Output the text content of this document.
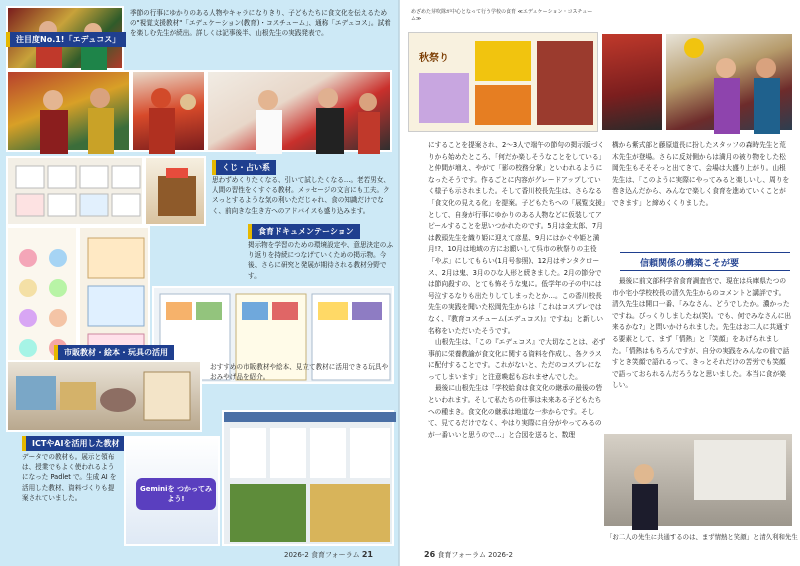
注目度No.1!「エデュコス」
季節の行事にゆかりのある人物やキャラになりきり、子どもたちに食文化を伝えるための"視覚支援教材"「エデュケーション(教育)・コスチューム」、通称「エデュコス」。試着を楽しむ先生が続出。詳しくは記事後半、山根先生の実践発表で。
くじ・占い系
思わずめくりたくなる、引いて試したくなる…。老若男女、人間の習性をくすぐる教材。メッセージの文言にも工夫。クスっとするような気の利いただじゃれ、食の知識だけでなく、前向きな生き方へのアドバイスも盛り込みます。
食育ドキュメンテーション
掲示物を学習のための環境設定や、意思決定のふり返りを持続につなげていくための掲示物。今後、さらに研究と発展が期待される教材分野です。
市販教材・絵本・玩具の活用
おすすめの市販教材や絵本、見立て教材に活用できる玩具やおみやげ品を紹介。
ICTやAIを活用した教材
データでの教材も。展示と領布は、授業でもよく使われるようになった Padlet で。生成 AI を活用した教材、資料づくりも提案されていました。
Geminiを つかってみよう!
2026-2 食育フォーラム 21
めざめた芽吹隊が中心となって行う学校の食育 ≪エデュケーション・コスチューム≫
秋祭り
にすることを提案され、2～3人で端午の節句の掲示版づくりから始めたところ、「何だか楽しそうなことをしている」と仲間が増え、やがて「影の校務分掌」といわれるようになったそうです。作るごとに内容がグレードアップしていく様子も示されました。そして香川校長先生は、さらなる「食文化の見える化」を提案。子どもたちへの「展覧支援」として、自身が行事にゆかりのある人物などに仮装してアピールすることを思いつかれたのです。5月は金太郎、7月は教頭先生を織り姫に迎えて彦星、9月にはかぐや姫と満月!?、10月は地域の方にお願いして呉市の秋祭りの主役「やぶ」にしてもらい(1月号参照)、12月はサンタクロース、2月は鬼、3月のひな人形と続きました。2月の節分では節向殺すの、とても怖そうな鬼に。低学年の子の中には号泣するなりも出たりしてしまったとか…。この香川校長先生の実践を聞いた松岡先生からは「これはコスプレではなく、『教育コスチューム(エデュコス)』ですね」と新しい名称をいただいたそうです。
山根先生は、「この『エデュコス』で大切なことは、必ず事前に栄養教諭が食文化に関する資料を作成し、各クラスに配付することです。これがないと、ただのコスプレになってしまいます」と注意喚起も忘れませんでした。
最後に山根先生は「学校給食は食文化の継承の最後の砦といわれます。そして私たちの仕事は未来ある子どもたちへの種まき。食文化の継承は地道な一歩からです。そして、見てるだけでなく、やはり実際に自分がやってみるのが一番いいと思うので…」と合図を送ると、数理
構から紫式部と藤原道長に扮したスタッフの森時先生と荒木先生が登場。さらに反対側からは満月の被り物をした松岡先生もそそそっと出てきて、会場は大盛り上がり。山根先生は、「このように実際にやってみると楽しいし、周りを巻き込んだから、みんなで楽しく食育を進めていくことができます」と締めくくりました。
信頼関係の構築こそが要
最後に前文部科学省食育調査官で、現在は兵庫県たつの市小宅小学校校長の清久先生からのコメントと講評です。清久先生は開口一番、「みなさん、どうでしたか。濃かったですね。びっくりしましたね(笑)。でも、何でみなさんに出来るかな?」と問いかけられました。先生はお二人に共通する要素として、まず「情熱」と「笑顔」をあげられました。「情熱はもちろんですが、自分の実践をみんなの前で話すとき笑顔で語れるって、きっとそれだけの苦労でも笑顔で語っておられるんだろうなと思いました。本当に食が楽しい。
「お二人の先生に共通するのは、まず情熱と笑顔」と清久利和先生
26 食育フォーラム 2026-2
